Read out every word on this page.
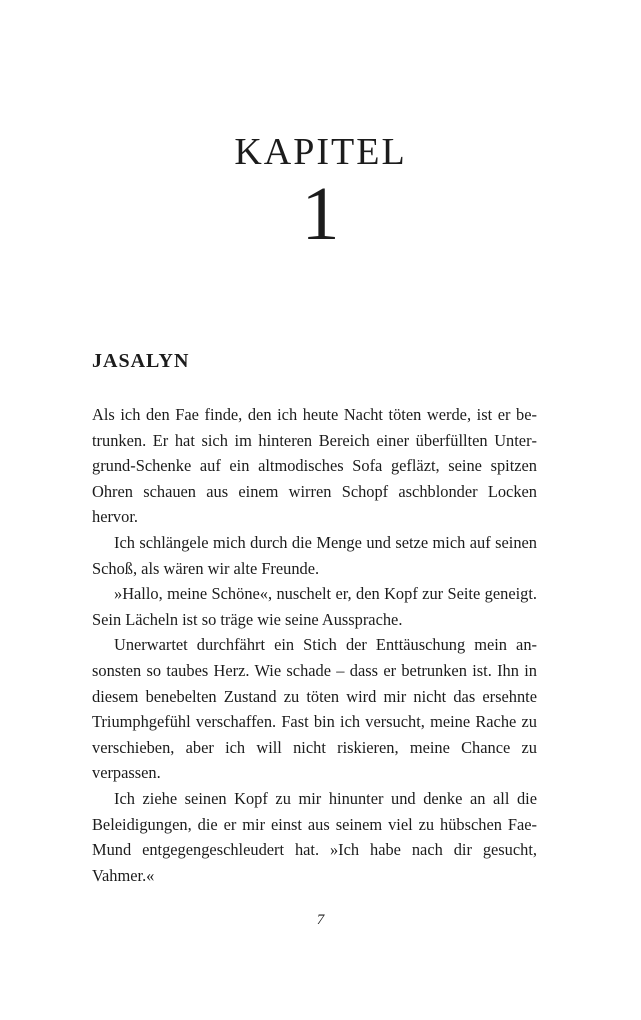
KAPITEL
1
JASALYN

Als ich den Fae finde, den ich heute Nacht töten werde, ist er betrunken. Er hat sich im hinteren Bereich einer überfüllten Untergrund-Schenke auf ein altmodisches Sofa gefläzt, seine spitzen Ohren schauen aus einem wirren Schopf aschblonder Locken hervor.

Ich schlängele mich durch die Menge und setze mich auf seinen Schoß, als wären wir alte Freunde.

»Hallo, meine Schöne«, nuschelt er, den Kopf zur Seite geneigt. Sein Lächeln ist so träge wie seine Aussprache.

Unerwartet durchfährt ein Stich der Enttäuschung mein ansonsten so taubes Herz. Wie schade – dass er betrunken ist. Ihn in diesem benebelten Zustand zu töten wird mir nicht das ersehnte Triumphgefühl verschaffen. Fast bin ich versucht, meine Rache zu verschieben, aber ich will nicht riskieren, meine Chance zu verpassen.

Ich ziehe seinen Kopf zu mir hinunter und denke an all die Beleidigungen, die er mir einst aus seinem viel zu hübschen Fae-Mund entgegengeschleudert hat. »Ich habe nach dir gesucht, Vahmer.«

7
